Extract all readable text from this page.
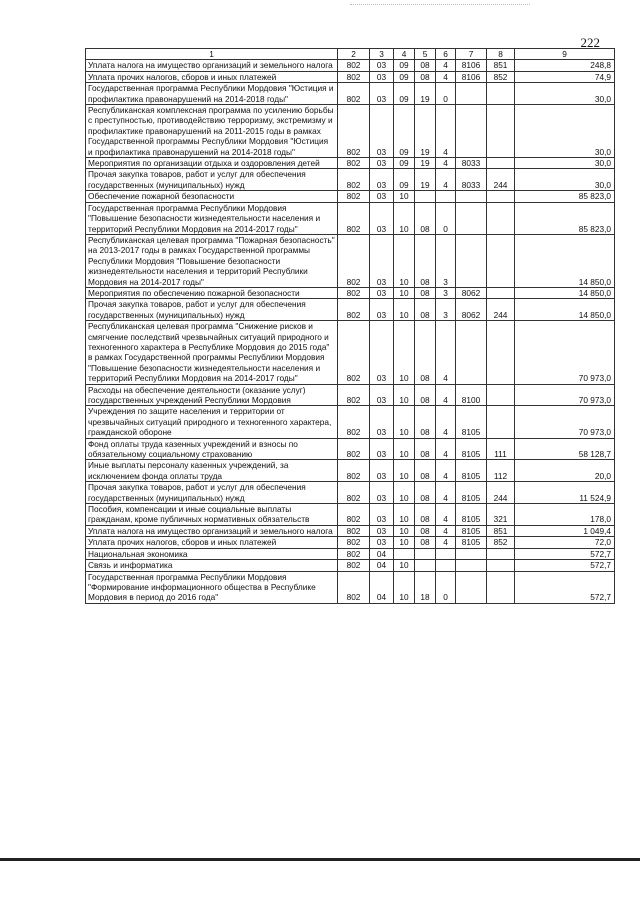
222
1	2	3	4	5	6	7	8	9
Уплата налога на имущество организаций и земельного налога	802	03	09	08	4	8106	851	248,8
Уплата прочих налогов, сборов и иных платежей	802	03	09	08	4	8106	852	74,9
Государственная программа Республики Мордовия "Юстиция и профилактика правонарушений на 2014-2018 годы"	802	03	09	19	0			30,0
Республиканская комплексная программа по усилению борьбы с преступностью, противодействию терроризму, экстремизму и профилактике правонарушений на 2011-2015 годы в рамках Государственной программы Республики Мордовия "Юстиция и профилактика правонарушений на 2014-2018 годы"	802	03	09	19	4			30,0
Мероприятия по организации отдыха и оздоровления детей	802	03	09	19	4	8033		30,0
Прочая закупка товаров, работ и услуг для обеспечения государственных (муниципальных) нужд	802	03	09	19	4	8033	244	30,0
Обеспечение пожарной безопасности	802	03	10					85 823,0
Государственная программа Республики Мордовия "Повышение безопасности жизнедеятельности населения и территорий Республики Мордовия на 2014-2017 годы"	802	03	10	08	0			85 823,0
Республиканская целевая программа "Пожарная безопасность" на 2013-2017 годы в рамках Государственной программы Республики Мордовия "Повышение безопасности жизнедеятельности населения и территорий Республики Мордовия на 2014-2017 годы"	802	03	10	08	3			14 850,0
Мероприятия по обеспечению пожарной безопасности	802	03	10	08	3	8062		14 850,0
Прочая закупка товаров, работ и услуг для обеспечения государственных (муниципальных) нужд	802	03	10	08	3	8062	244	14 850,0
Республиканская целевая программа "Снижение рисков и смягчение последствий чрезвычайных ситуаций природного и техногенного характера в Республике Мордовия до 2015 года" в рамках Государственной программы Республики Мордовия "Повышение безопасности жизнедеятельности населения и территорий Республики Мордовия на 2014-2017 годы"	802	03	10	08	4			70 973,0
Расходы на обеспечение деятельности (оказание услуг) государственных учреждений Республики Мордовия	802	03	10	08	4	8100		70 973,0
Учреждения по защите населения и территории от чрезвычайных ситуаций природного и техногенного характера, гражданской обороне	802	03	10	08	4	8105		70 973,0
Фонд оплаты труда казенных учреждений и взносы по обязательному социальному страхованию	802	03	10	08	4	8105	111	58 128,7
Иные выплаты персоналу казенных учреждений, за исключением фонда оплаты труда	802	03	10	08	4	8105	112	20,0
Прочая закупка товаров, работ и услуг для обеспечения государственных (муниципальных) нужд	802	03	10	08	4	8105	244	11 524,9
Пособия, компенсации и иные социальные выплаты гражданам, кроме публичных нормативных обязательств	802	03	10	08	4	8105	321	178,0
Уплата налога на имущество организаций и земельного налога	802	03	10	08	4	8105	851	1 049,4
Уплата прочих налогов, сборов и иных платежей	802	03	10	08	4	8105	852	72,0
Национальная экономика	802	04						572,7
Связь и информатика	802	04	10					572,7
Государственная программа Республики Мордовия "Формирование информационного общества в Республике Мордовия в период до 2016 года"	802	04	10	18	0			572,7
